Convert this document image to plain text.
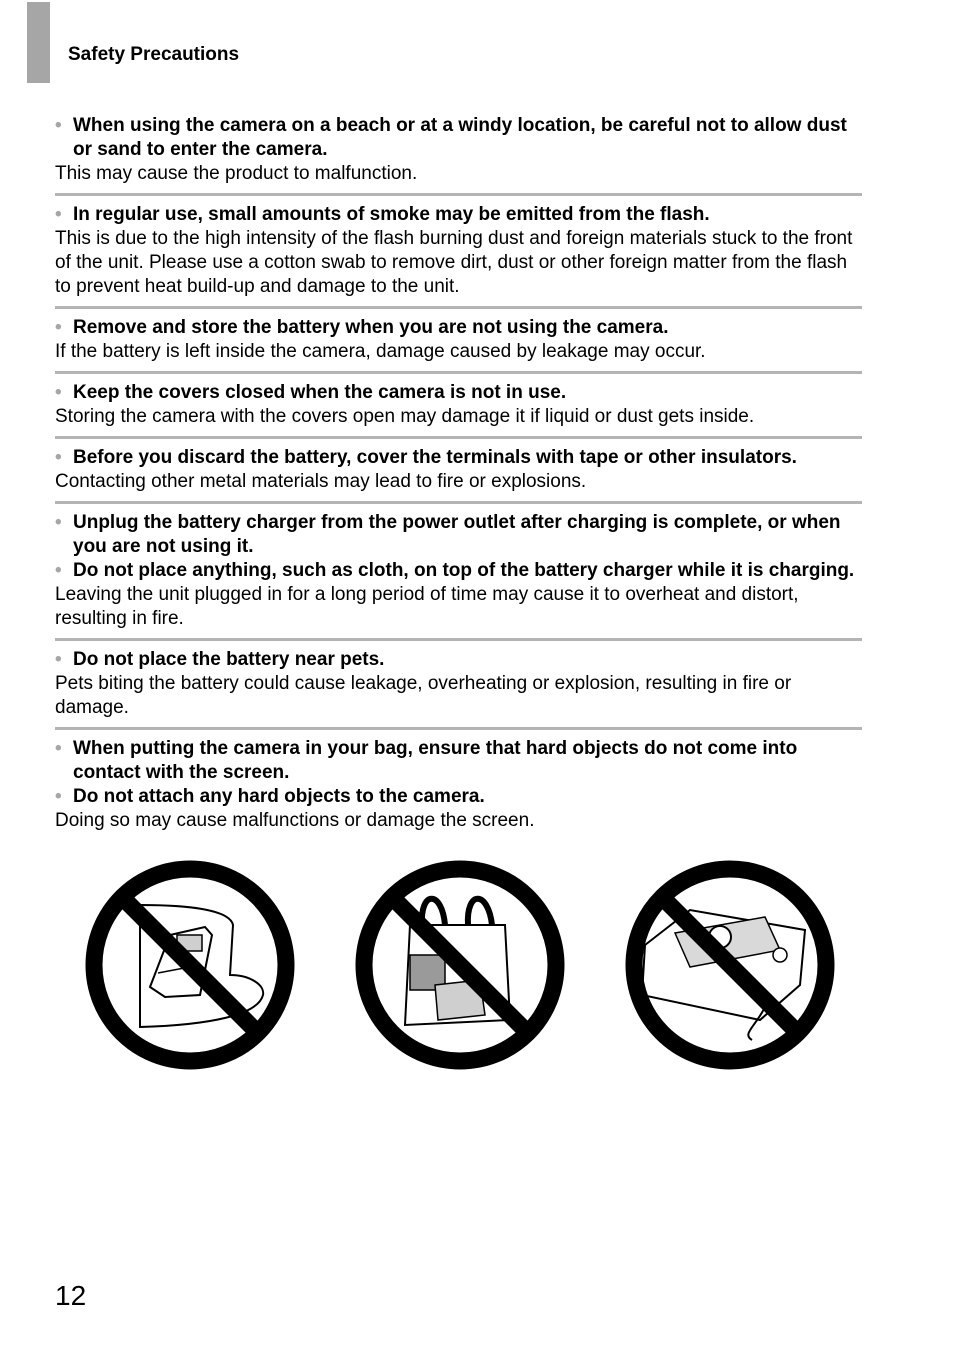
Safety Precautions
• When using the camera on a beach or at a windy location, be careful not to allow dust or sand to enter the camera.
This may cause the product to malfunction.
• In regular use, small amounts of smoke may be emitted from the flash.
This is due to the high intensity of the flash burning dust and foreign materials stuck to the front of the unit. Please use a cotton swab to remove dirt, dust or other foreign matter from the flash to prevent heat build-up and damage to the unit.
• Remove and store the battery when you are not using the camera.
If the battery is left inside the camera, damage caused by leakage may occur.
• Keep the covers closed when the camera is not in use.
Storing the camera with the covers open may damage it if liquid or dust gets inside.
• Before you discard the battery, cover the terminals with tape or other insulators.
Contacting other metal materials may lead to fire or explosions.
• Unplug the battery charger from the power outlet after charging is complete, or when you are not using it.
• Do not place anything, such as cloth, on top of the battery charger while it is charging.
Leaving the unit plugged in for a long period of time may cause it to overheat and distort, resulting in fire.
• Do not place the battery near pets.
Pets biting the battery could cause leakage, overheating or explosion, resulting in fire or damage.
• When putting the camera in your bag, ensure that hard objects do not come into contact with the screen.
• Do not attach any hard objects to the camera.
Doing so may cause malfunctions or damage the screen.
12
